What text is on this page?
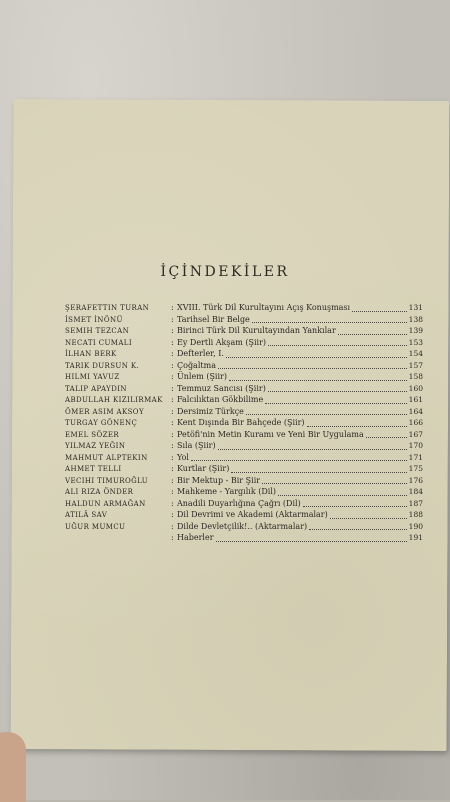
İÇİNDEKİLER
ŞERAFETTIN TURAN	: XVIII. Türk Dil Kurultayını Açış Konuşması	131
İSMET İNÖNÜ	: Tarihsel Bir Belge	138
SEMIH TEZCAN	: Birinci Türk Dil Kurultayından Yankılar	139
NECATI CUMALI	: Ey Dertli Akşam (Şiir)	153
İLHAN BERK	: Defterler, I.	154
TARIK DURSUN K.	: Çoğaltma	157
HILMI YAVUZ	: Ünlem (Şiir)	158
TALIP APAYDIN	: Temmuz Sancısı (Şiir)	160
ABDULLAH KIZILIRMAK	: Falcılıktan Gökbilime	161
ÖMER ASIM AKSOY	: Dersimiz Türkçe	164
TURGAY GÖNENÇ	: Kent Dışında Bir Bahçede (Şiir)	166
EMEL SÖZER	: Petöfi'nin Metin Kuramı ve Yeni Bir Uygulama	167
YILMAZ YEĞIN	: Sıla (Şiir)	170
MAHMUT ALPTEKIN	: Yol	171
AHMET TELLI	: Kurtlar (Şiir)	175
VECIHI TIMUROĞLU	: Bir Mektup - Bir Şiir	176
ALI RIZA ÖNDER	: Mahkeme - Yargılık (Dil)	184
HALDUN ARMAĞAN	: Anadili Duyarlığına Çağrı (Dil)	187
ATILÂ SAV	: Dil Devrimi ve Akademi (Aktarmalar)	188
UĞUR MUMCU	: Dilde Devletçilik!.. (Aktarmalar)	190
: Haberler	191
